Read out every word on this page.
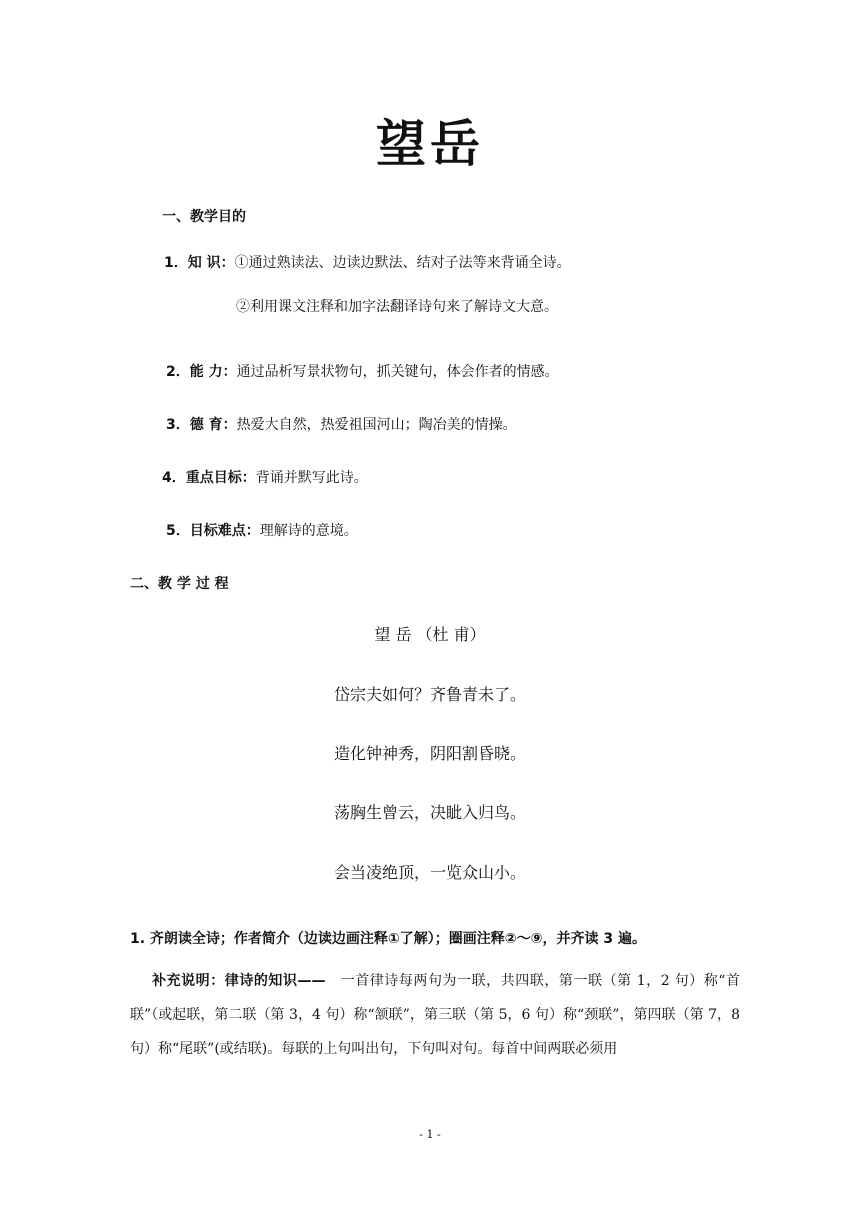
望岳
一、教学目的
1．知 识：①通过熟读法、边读边默法、结对子法等来背诵全诗。
②利用课文注释和加字法翻译诗句来了解诗文大意。
2．能 力：通过品析写景状物句，抓关键句，体会作者的情感。
3．德 育：热爱大自然，热爱祖国河山；陶冶美的情操。
4．重点目标：背诵并默写此诗。
5．目标难点：理解诗的意境。
二、教 学 过 程
望 岳 （杜 甫）
岱宗夫如何？齐鲁青未了。
造化钟神秀，阴阳割昏晓。
荡胸生曾云，决眦入归鸟。
会当凌绝顶，一览众山小。
1. 齐朗读全诗；作者简介（边读边画注释①了解）；圈画注释②～⑨，并齐读 3 遍。
补充说明：律诗的知识——　一首律诗每两句为一联，共四联，第一联（第 1，2 句）称“首联”（或起联，第二联（第 3，4 句）称“颔联”，第三联（第 5，6 句）称“颈联”，第四联（第 7，8 句）称“尾联”(或结联)。每联的上句叫出句，下句叫对句。每首中间两联必须用
- 1 -
